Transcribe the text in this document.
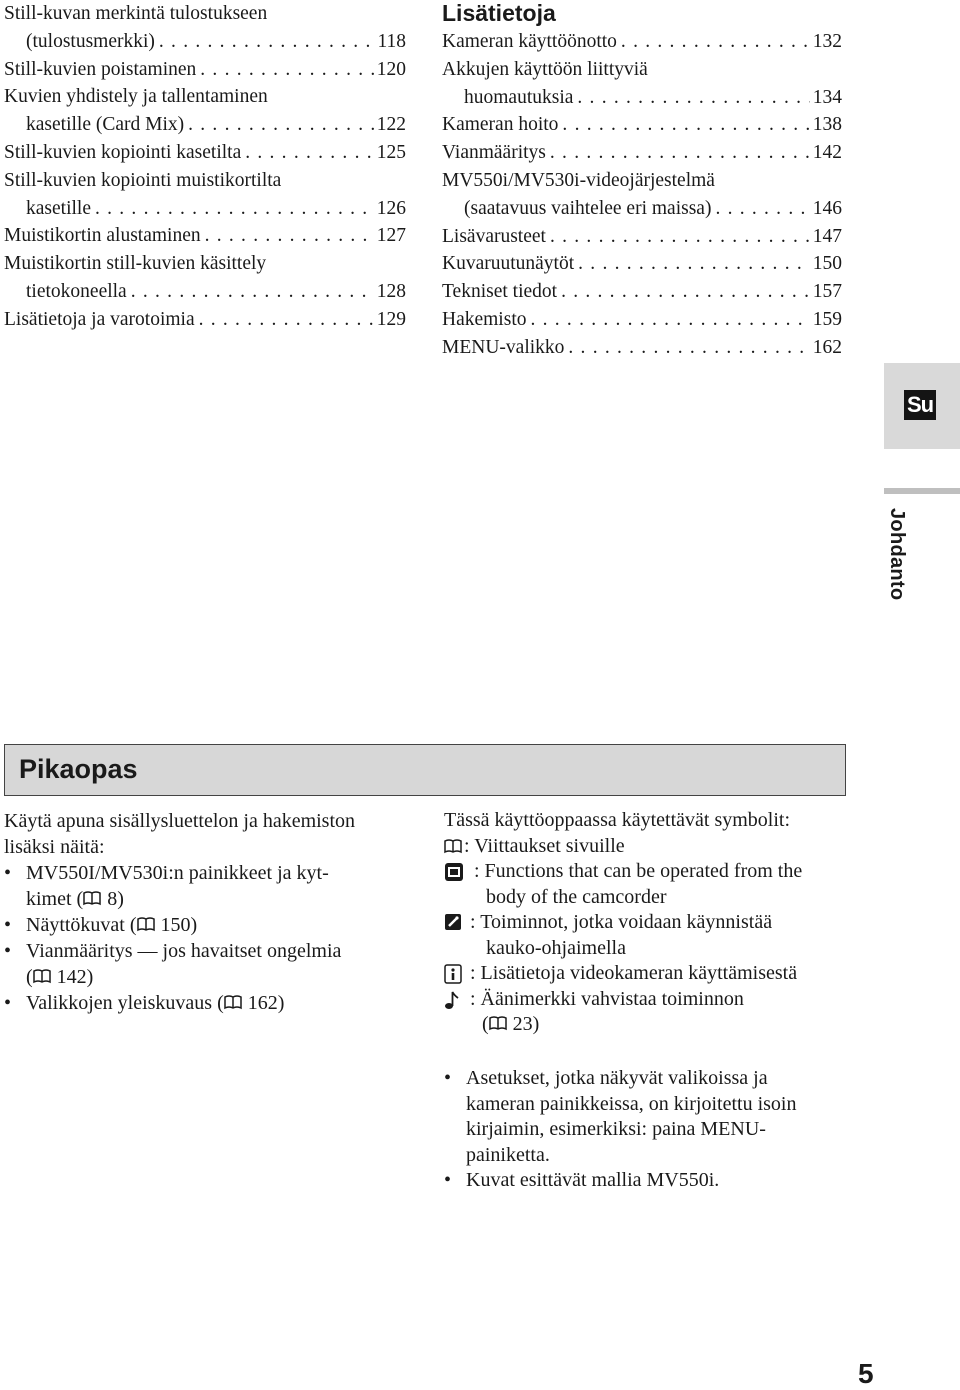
Still-kuvan merkintä tulostukseen
(tulostusmerkki) . . .	118
Still-kuvien poistaminen . . .	120
Kuvien yhdistely ja tallentaminen
kasetille (Card Mix) . . .	122
Still-kuvien kopiointi kasetilta . . .	125
Still-kuvien kopiointi muistikortilta
kasetille . . .	126
Muistikortin alustaminen . . .	127
Muistikortin still-kuvien käsittely
tietokoneella . . .	128
Lisätietoja ja varotoimia . . .	129
Lisätietoja
Kameran käyttöönotto . . .	132
Akkujen käyttöön liittyviä
huomautuksia . . .	134
Kameran hoito . . .	138
Vianmääritys . . .	142
MV550i/MV530i-videojärjestelmä
(saatavuus vaihtelee eri maissa) . . .	146
Lisävarusteet . . .	147
Kuvaruutunäytöt . . .	150
Tekniset tiedot . . .	157
Hakemisto . . .	159
MENU-valikko . . .	162
Su
Johdanto
Pikaopas
Käytä apuna sisällysluettelon ja hakemiston
lisäksi näitä:
• MV550I/MV530i:n painikkeet ja kyt-
kimet ( 8)
• Näyttökuvat ( 150)
• Vianmääritys — jos havaitset ongelmia
( 142)
• Valikkojen yleiskuvaus ( 162)
Tässä käyttöoppaassa käytettävät symbolit:
: Viittaukset sivuille
: Functions that can be operated from the
body of the camcorder
: Toiminnot, jotka voidaan käynnistää
kauko-ohjaimella
: Lisätietoja videokameran käyttämisestä
: Äänimerkki vahvistaa toiminnon
( 23)
• Asetukset, jotka näkyvät valikoissa ja
kameran painikkeissa, on kirjoitettu isoin
kirjaimin, esimerkiksi: paina MENU-
painiketta.
• Kuvat esittävät mallia MV550i.
5
